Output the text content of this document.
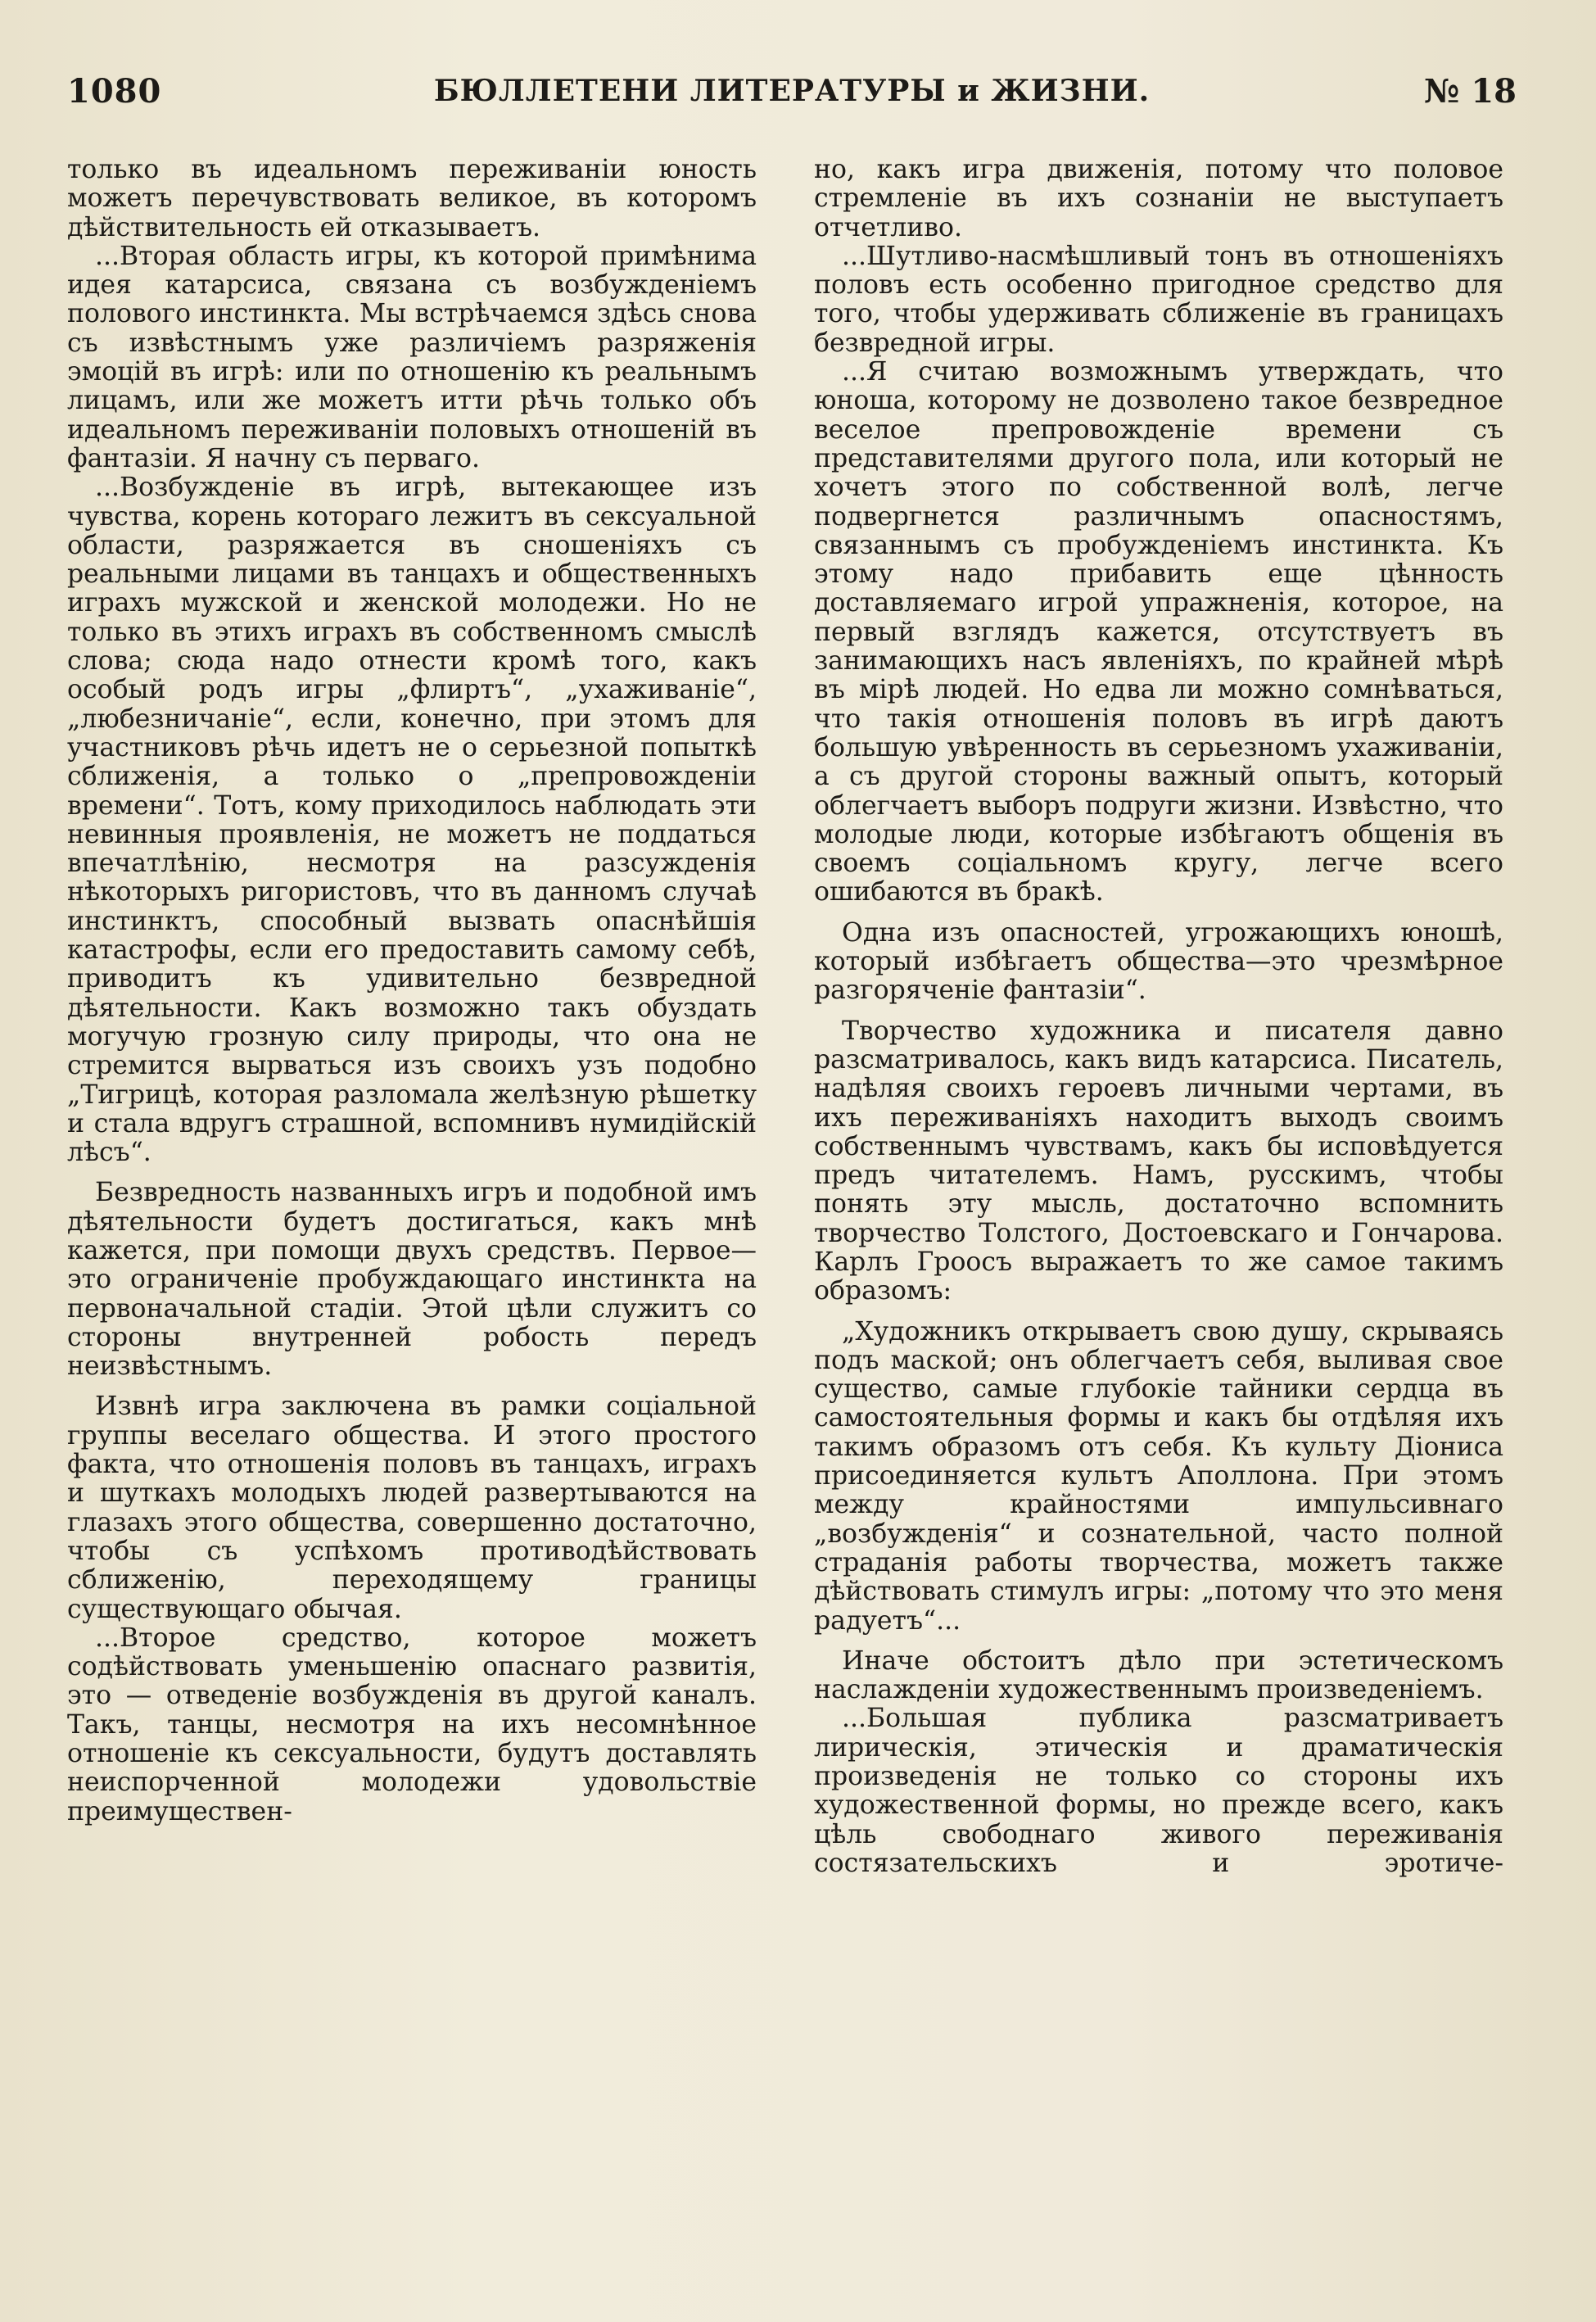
1080	БЮЛЛЕТЕНИ ЛИТЕРАТУРЫ и ЖИЗНИ.	№ 18

только въ идеальномъ переживаніи юность можетъ перечувствовать великое, въ которомъ дѣйствительность ей отказываетъ.

...Вторая область игры, къ которой примѣнима идея катарсиса, связана съ возбужденіемъ полового инстинкта. Мы встрѣчаемся здѣсь снова съ извѣстнымъ уже различіемъ разряженія эмоцій въ игрѣ: или по отношенію къ реальнымъ лицамъ, или же можетъ итти рѣчь только объ идеальномъ переживаніи половыхъ отношеній въ фантазіи. Я начну съ перваго.

...Возбужденіе въ игрѣ, вытекающее изъ чувства, корень котораго лежитъ въ сексуальной области, разряжается въ сношеніяхъ съ реальными лицами въ танцахъ и общественныхъ играхъ мужской и женской молодежи. Но не только въ этихъ играхъ въ собственномъ смыслѣ слова; сюда надо отнести кромѣ того, какъ особый родъ игры „флиртъ“, „ухаживаніе“, „любезничаніе“, если, конечно, при этомъ для участниковъ рѣчь идетъ не о серьезной попыткѣ сближенія, а только о „препровожденіи времени“. Тотъ, кому приходилось наблюдать эти невинныя проявленія, не можетъ не поддаться впечатлѣнію, несмотря на разсужденія нѣкоторыхъ ригористовъ, что въ данномъ случаѣ инстинктъ, способный вызвать опаснѣйшія катастрофы, если его предоставить самому себѣ, приводитъ къ удивительно безвредной дѣятельности. Какъ возможно такъ обуздать могучую грозную силу природы, что она не стремится вырваться изъ своихъ узъ подобно „Тигрицѣ, которая разломала желѣзную рѣшетку и стала вдругъ страшной, вспомнивъ нумидійскій лѣсъ“.

Безвредность названныхъ игръ и подобной имъ дѣятельности будетъ достигаться, какъ мнѣ кажется, при помощи двухъ средствъ. Первое— это ограниченіе пробуждающаго инстинкта на первоначальной стадіи. Этой цѣли служитъ со стороны внутренней робость передъ неизвѣстнымъ.

Извнѣ игра заключена въ рамки соціальной группы веселаго общества. И этого простого факта, что отношенія половъ въ танцахъ, играхъ и шуткахъ молодыхъ людей развертываются на глазахъ этого общества, совершенно достаточно, чтобы съ успѣхомъ противодѣйствовать сближенію, переходящему границы существующаго обычая.

...Второе средство, которое можетъ содѣйствовать уменьшенію опаснаго развитія, это — отведеніе возбужденія въ другой каналъ. Такъ, танцы, несмотря на ихъ несомнѣнное отношеніе къ сексуальности, будутъ доставлять неиспорченной молодежи удовольствіе преимуществен-

но, какъ игра движенія, потому что половое стремленіе въ ихъ сознаніи не выступаетъ отчетливо.

...Шутливо-насмѣшливый тонъ въ отношеніяхъ половъ есть особенно пригодное средство для того, чтобы удерживать сближеніе въ границахъ безвредной игры.

...Я считаю возможнымъ утверждать, что юноша, которому не дозволено такое безвредное веселое препровожденіе времени съ представителями другого пола, или который не хочетъ этого по собственной волѣ, легче подвергнется различнымъ опасностямъ, связаннымъ съ пробужденіемъ инстинкта. Къ этому надо прибавить еще цѣнность доставляемаго игрой упражненія, которое, на первый взглядъ кажется, отсутствуетъ въ занимающихъ насъ явленіяхъ, по крайней мѣрѣ въ мірѣ людей. Но едва ли можно сомнѣваться, что такія отношенія половъ въ игрѣ даютъ большую увѣренность въ серьезномъ ухаживаніи, а съ другой стороны важный опытъ, который облегчаетъ выборъ подруги жизни. Извѣстно, что молодые люди, которые избѣгаютъ общенія въ своемъ соціальномъ кругу, легче всего ошибаются въ бракѣ.

Одна изъ опасностей, угрожающихъ юношѣ, который избѣгаетъ общества—это чрезмѣрное разгоряченіе фантазіи“.

Творчество художника и писателя давно разсматривалось, какъ видъ катарсиса. Писатель, надѣляя своихъ героевъ личными чертами, въ ихъ переживаніяхъ находитъ выходъ своимъ собственнымъ чувствамъ, какъ бы исповѣдуется предъ читателемъ. Намъ, русскимъ, чтобы понять эту мысль, достаточно вспомнить творчество Толстого, Достоевскаго и Гончарова. Карлъ Гроосъ выражаетъ то же самое такимъ образомъ:

„Художникъ открываетъ свою душу, скрываясь подъ маской; онъ облегчаетъ себя, выливая свое существо, самые глубокіе тайники сердца въ самостоятельныя формы и какъ бы отдѣляя ихъ такимъ образомъ отъ себя. Къ культу Діониса присоединяется культъ Аполлона. При этомъ между крайностями импульсивнаго „возбужденія“ и сознательной, часто полной страданія работы творчества, можетъ также дѣйствовать стимулъ игры: „потому что это меня радуетъ“...

Иначе обстоитъ дѣло при эстетическомъ наслажденіи художественнымъ произведеніемъ.

...Большая публика разсматриваетъ лирическія, этическія и драматическія произведенія не только со стороны ихъ художественной формы, но прежде всего, какъ цѣль свободнаго живого переживанія состязательскихъ и эротиче-
